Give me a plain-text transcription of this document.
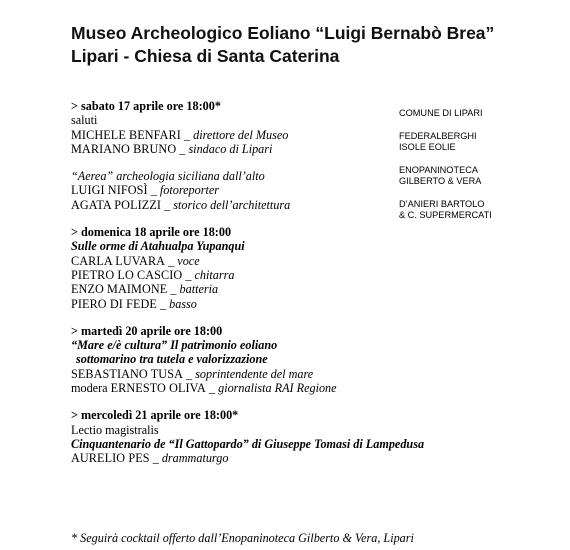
Museo Archeologico Eoliano “Luigi Bernabò Brea”
Lipari - Chiesa di Santa Caterina
> sabato 17 aprile ore 18:00*
saluti
MICHELE BENFARI _ direttore del Museo
MARIANO BRUNO _ sindaco di Lipari
“Aerea” archeologia siciliana dall’alto
LUIGI NIFOSÌ _ fotoreporter
AGATA POLIZZI _ storico dell’architettura
> domenica 18 aprile ore 18:00
Sulle orme di Atahualpa Yupanqui
CARLA LUVARA _ voce
PIETRO LO CASCIO _ chitarra
ENZO MAIMONE _ batteria
PIERO DI FEDE _ basso
> martedì 20 aprile ore 18:00
“Mare e/è cultura” Il patrimonio eoliano
sottomarino tra tutela e valorizzazione
SEBASTIANO TUSA _ soprintendente del mare
modera ERNESTO OLIVA _ giornalista RAI Regione
> mercoledì 21 aprile ore 18:00*
Lectio magistralis
Cinquantenario de “Il Gattopardo” di Giuseppe Tomasi di Lampedusa
AURELIO PES _ drammaturgo
COMUNE DI LIPARI
FEDERALBERGHI
ISOLE EOLIE
ENOPANINOTECA
GILBERTO & VERA
D’ANIERI BARTOLO
& C. SUPERMERCATI
* Seguirà cocktail offerto dall’Enopaninoteca Gilberto & Vera, Lipari
